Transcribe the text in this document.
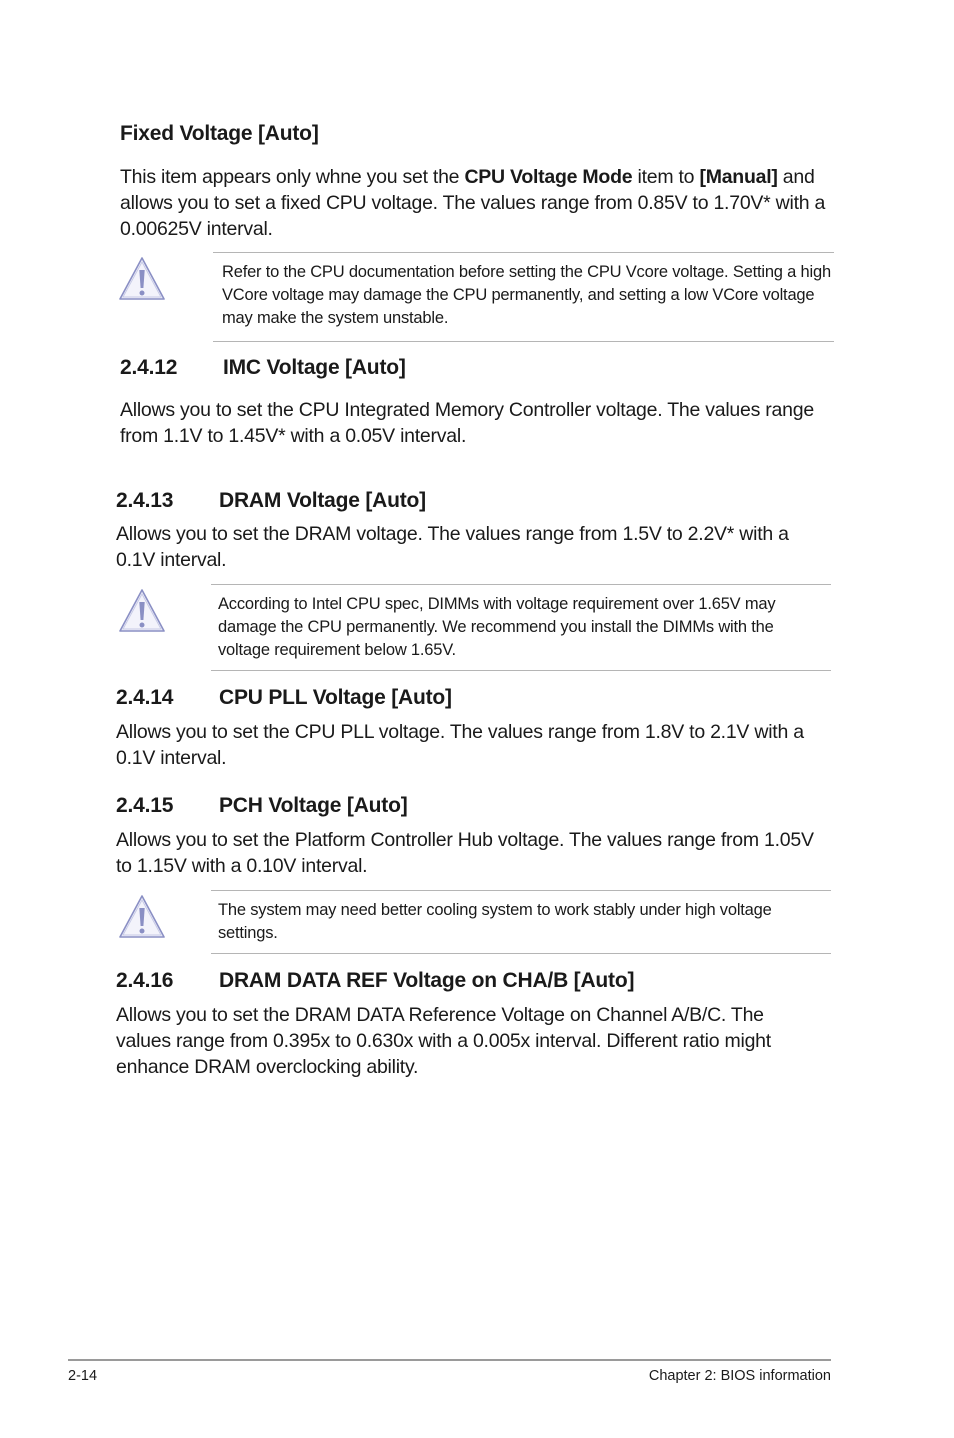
Fixed Voltage [Auto]
This item appears only whne you set the CPU Voltage Mode item to [Manual] and allows you to set a fixed CPU voltage. The values range from 0.85V to 1.70V* with a 0.00625V interval.
Refer to the CPU documentation before setting the CPU Vcore voltage. Setting a high VCore voltage may damage the CPU permanently, and setting a low VCore voltage may make the system unstable.
2.4.12 IMC Voltage [Auto]
Allows you to set the CPU Integrated Memory Controller voltage. The values range from 1.1V to 1.45V* with a 0.05V interval.
2.4.13 DRAM Voltage [Auto]
Allows you to set the DRAM voltage. The values range from 1.5V to 2.2V* with a 0.1V interval.
According to Intel CPU spec, DIMMs with voltage requirement over 1.65V may damage the CPU permanently. We recommend you install the DIMMs with the voltage requirement below 1.65V.
2.4.14 CPU PLL Voltage [Auto]
Allows you to set the CPU PLL voltage. The values range from 1.8V to 2.1V with a 0.1V interval.
2.4.15 PCH Voltage [Auto]
Allows you to set the Platform Controller Hub voltage. The values range from 1.05V to 1.15V with a 0.10V interval.
The system may need better cooling system to work stably under high voltage settings.
2.4.16 DRAM DATA REF Voltage on CHA/B [Auto]
Allows you to set the DRAM DATA Reference Voltage on Channel A/B/C. The values range from 0.395x to 0.630x with a 0.005x interval. Different ratio might enhance DRAM overclocking ability.
2-14	Chapter 2: BIOS information
